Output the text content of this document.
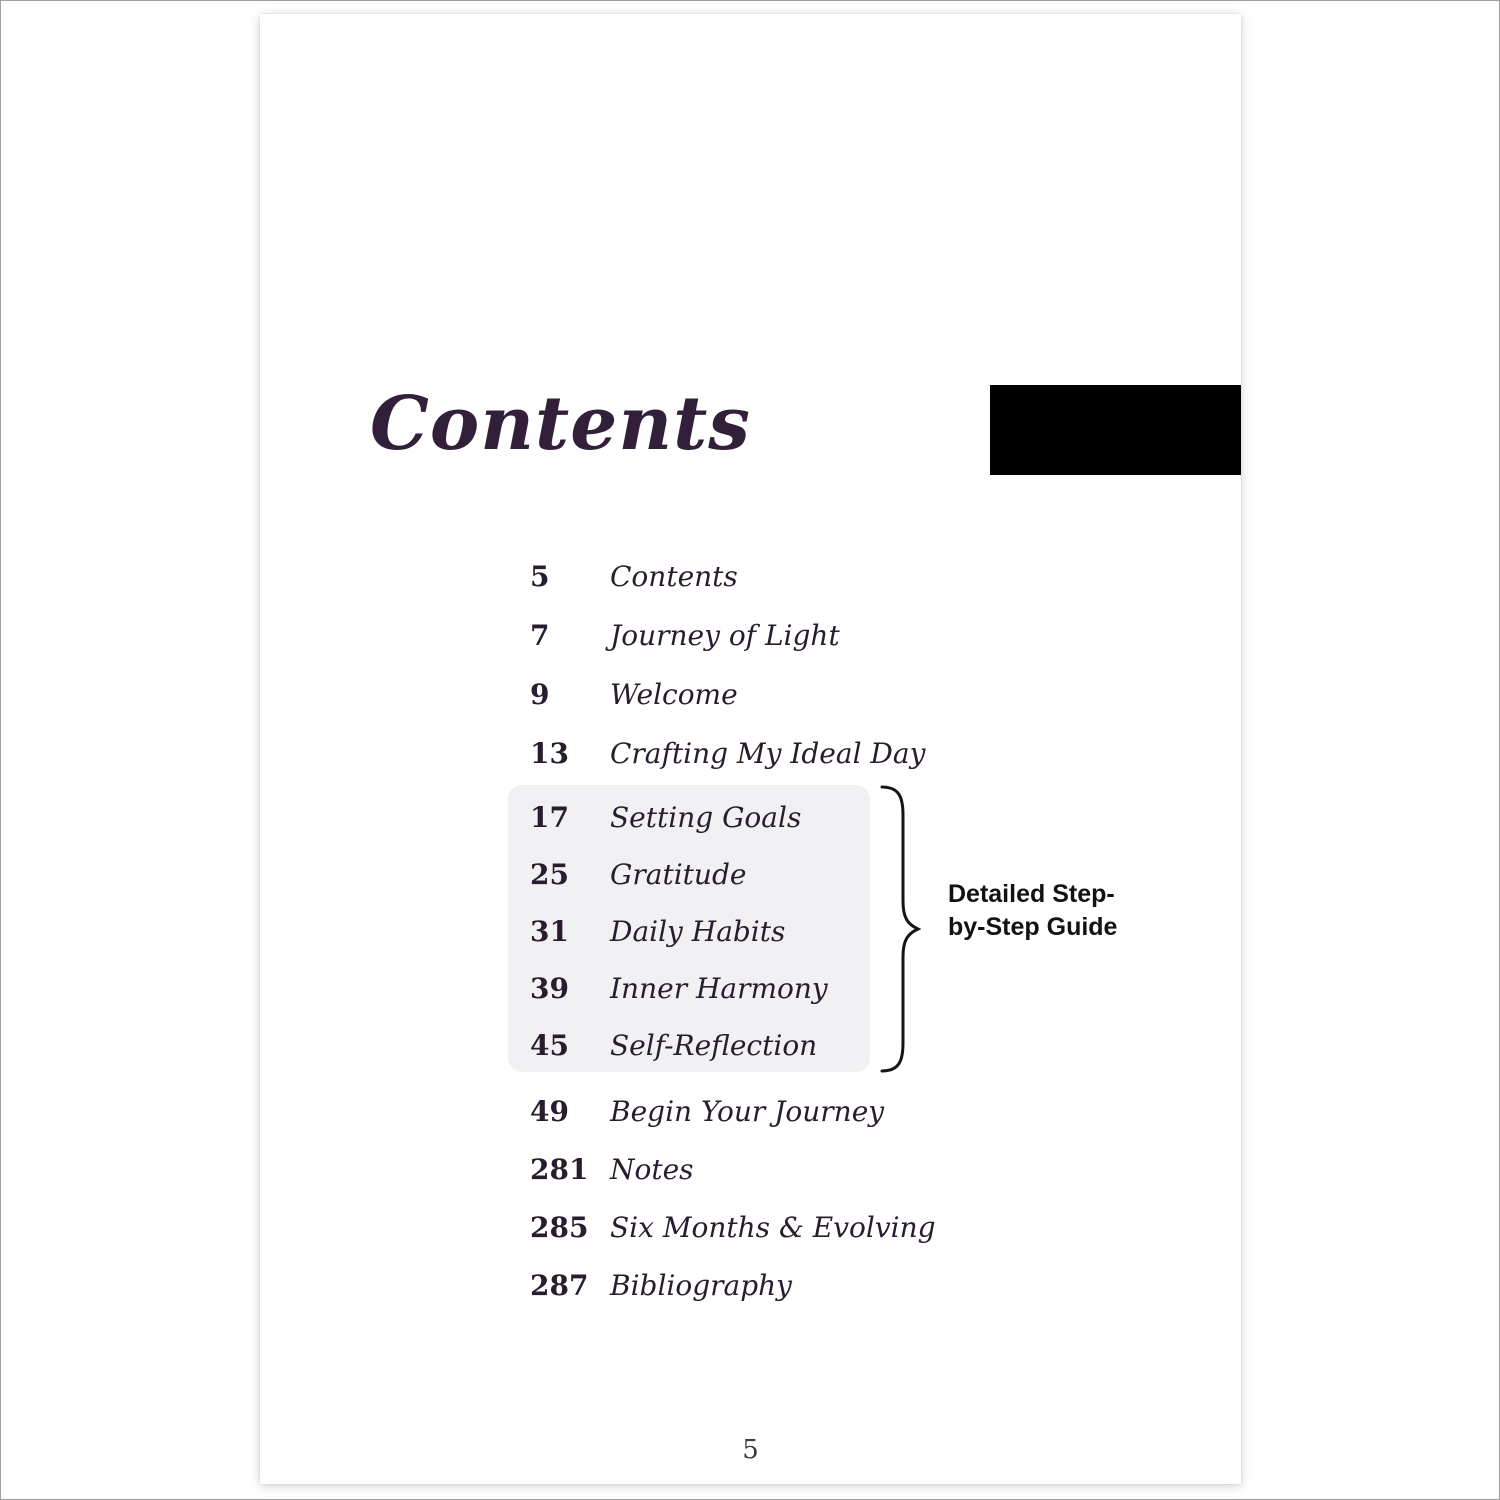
Contents
5	Contents
7	Journey of Light
9	Welcome
13	Crafting My Ideal Day
17	Setting Goals
25	Gratitude
31	Daily Habits
39	Inner Harmony
45	Self-Reflection
49	Begin Your Journey
281 Notes
285 Six Months & Evolving
287 Bibliography
Detailed Step-by-Step Guide
5
